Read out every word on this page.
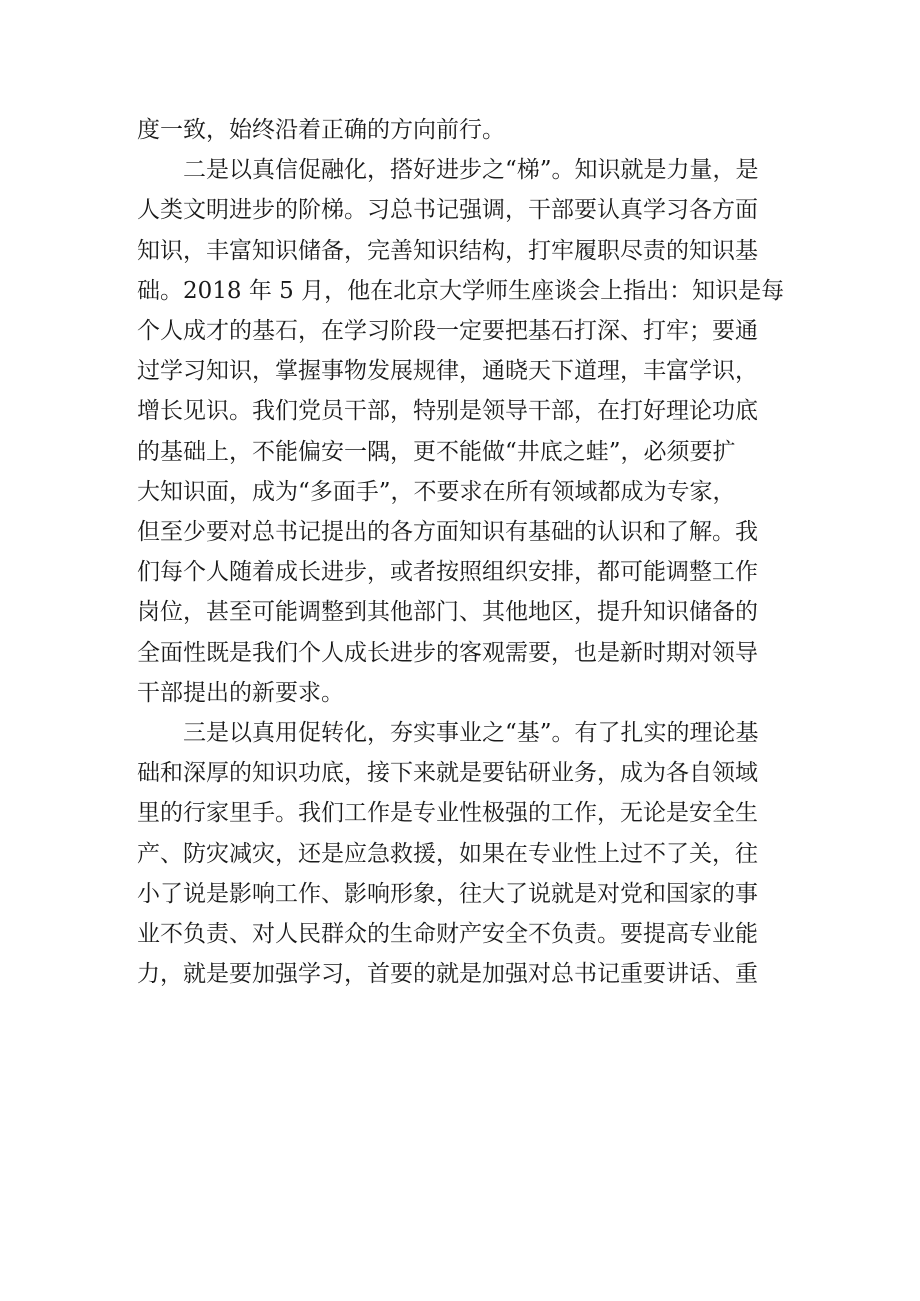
度一致，始终沿着正确的方向前行。
二是以真信促融化，搭好进步之“梯”。知识就是力量，是
人类文明进步的阶梯。习总书记强调，干部要认真学习各方面
知识，丰富知识储备，完善知识结构，打牢履职尽责的知识基
础。2018 年 5 月，他在北京大学师生座谈会上指出：知识是每
个人成才的基石，在学习阶段一定要把基石打深、打牢；要通
过学习知识，掌握事物发展规律，通晓天下道理，丰富学识，
增长见识。我们党员干部，特别是领导干部，在打好理论功底
的基础上，不能偏安一隅，更不能做“井底之蛙”，必须要扩
大知识面，成为“多面手”，不要求在所有领域都成为专家，
但至少要对总书记提出的各方面知识有基础的认识和了解。我
们每个人随着成长进步，或者按照组织安排，都可能调整工作
岗位，甚至可能调整到其他部门、其他地区，提升知识储备的
全面性既是我们个人成长进步的客观需要，也是新时期对领导
干部提出的新要求。
三是以真用促转化，夯实事业之“基”。有了扎实的理论基
础和深厚的知识功底，接下来就是要钻研业务，成为各自领域
里的行家里手。我们工作是专业性极强的工作，无论是安全生
产、防灾减灾，还是应急救援，如果在专业性上过不了关，往
小了说是影响工作、影响形象，往大了说就是对党和国家的事
业不负责、对人民群众的生命财产安全不负责。要提高专业能
力，就是要加强学习，首要的就是加强对总书记重要讲话、重
